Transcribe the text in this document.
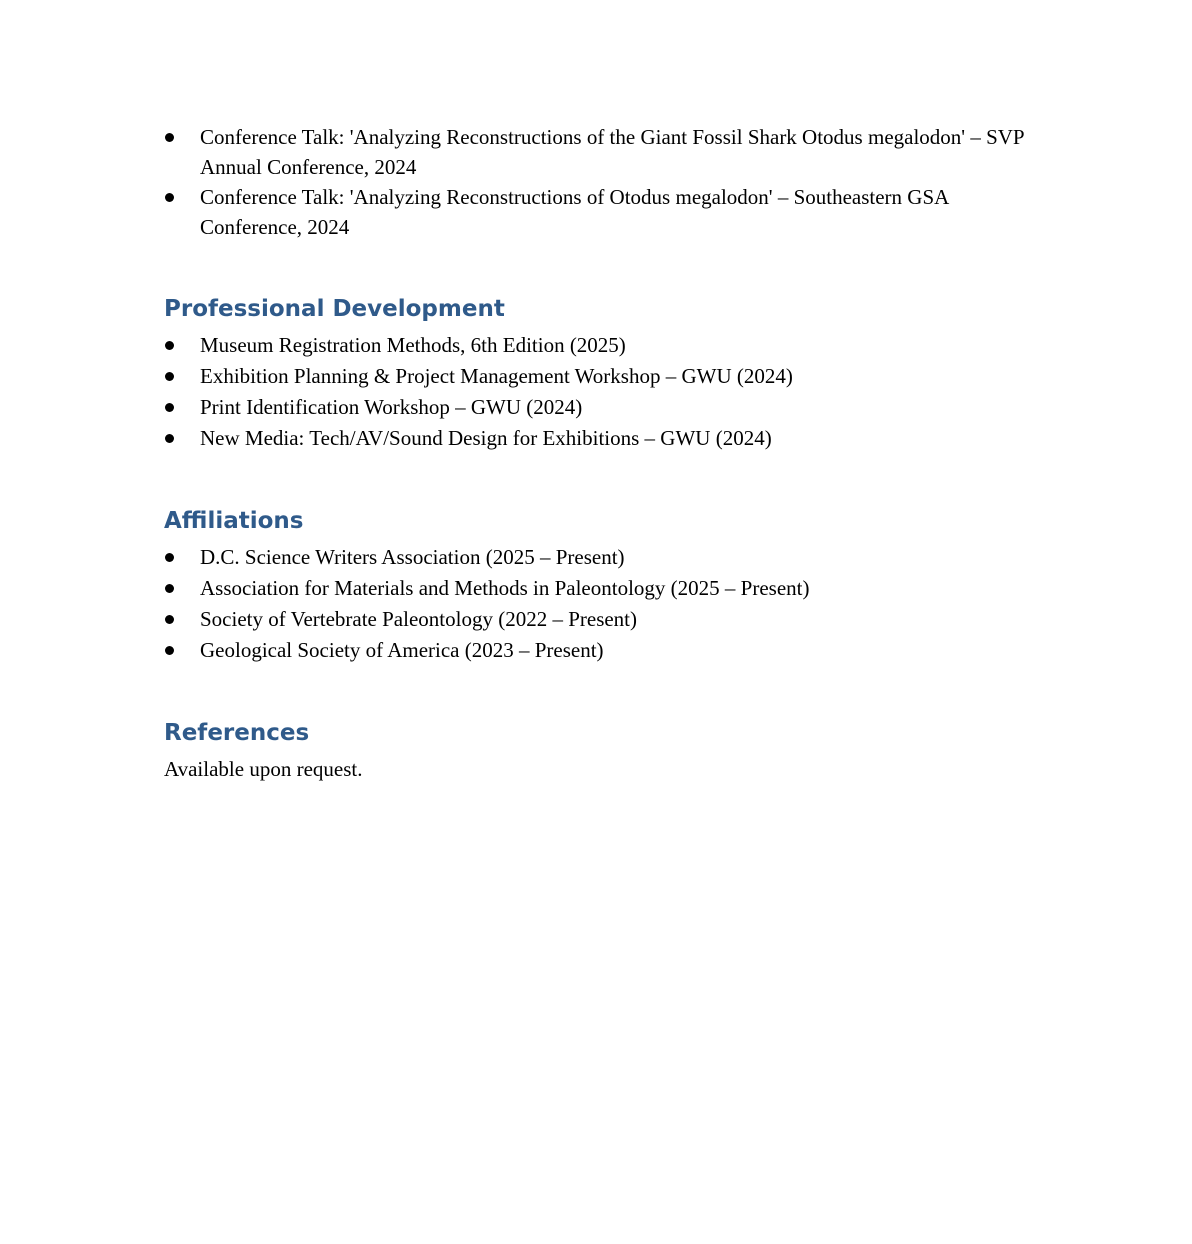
Conference Talk: 'Analyzing Reconstructions of the Giant Fossil Shark Otodus megalodon' – SVP Annual Conference, 2024
Conference Talk: 'Analyzing Reconstructions of Otodus megalodon' – Southeastern GSA Conference, 2024
Professional Development
Museum Registration Methods, 6th Edition (2025)
Exhibition Planning & Project Management Workshop – GWU (2024)
Print Identification Workshop – GWU (2024)
New Media: Tech/AV/Sound Design for Exhibitions – GWU (2024)
Affiliations
D.C. Science Writers Association (2025 – Present)
Association for Materials and Methods in Paleontology (2025 – Present)
Society of Vertebrate Paleontology (2022 – Present)
Geological Society of America (2023 – Present)
References

Available upon request.
